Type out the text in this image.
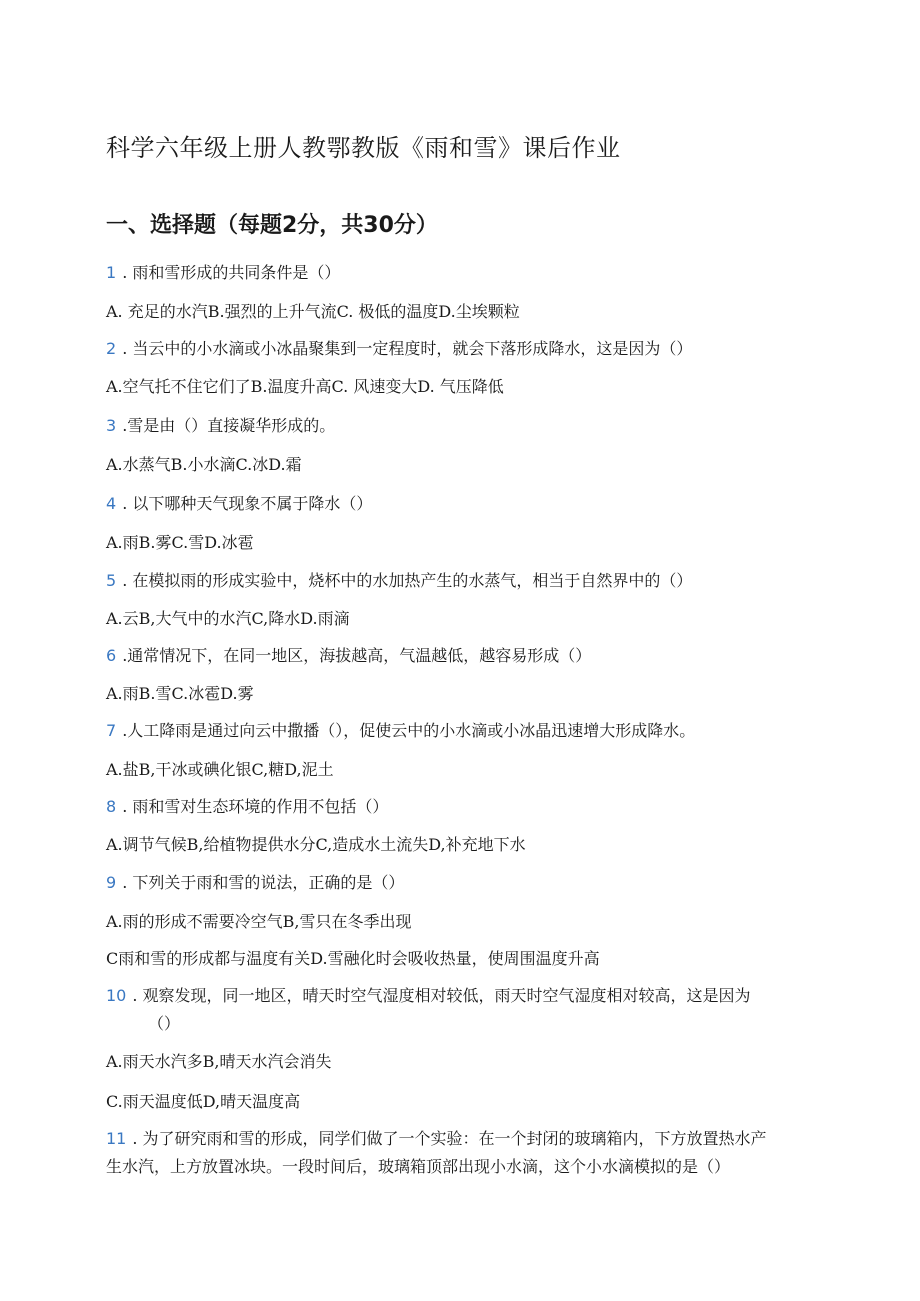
科学六年级上册人教鄂教版《雨和雪》课后作业
一、选择题（每题2分，共30分）
1 . 雨和雪形成的共同条件是（）
A. 充足的水汽B.强烈的上升气流C. 极低的温度D.尘埃颗粒
2 . 当云中的小水滴或小冰晶聚集到一定程度时，就会下落形成降水，这是因为（）
A.空气托不住它们了B.温度升高C. 风速变大D. 气压降低
3 .雪是由（）直接凝华形成的。
A.水蒸气B.小水滴C.冰D.霜
4 . 以下哪种天气现象不属于降水（）
A.雨B.雾C.雪D.冰雹
5 . 在模拟雨的形成实验中，烧杯中的水加热产生的水蒸气，相当于自然界中的（）
A.云B,大气中的水汽C,降水D.雨滴
6 .通常情况下，在同一地区，海拔越高，气温越低，越容易形成（）
A.雨B.雪C.冰雹D.雾
7 .人工降雨是通过向云中撒播（），促使云中的小水滴或小冰晶迅速增大形成降水。
A.盐B,干冰或碘化银C,糖D,泥土
8 . 雨和雪对生态环境的作用不包括（）
A.调节气候B,给植物提供水分C,造成水土流失D,补充地下水
9 . 下列关于雨和雪的说法，正确的是（）
A.雨的形成不需要冷空气B,雪只在冬季出现
C雨和雪的形成都与温度有关D.雪融化时会吸收热量，使周围温度升高
10 . 观察发现，同一地区，晴天时空气湿度相对较低，雨天时空气湿度相对较高，这是因为
（）
A.雨天水汽多B,晴天水汽会消失
C.雨天温度低D,晴天温度高
11 . 为了研究雨和雪的形成，同学们做了一个实验：在一个封闭的玻璃箱内，下方放置热水产
生水汽，上方放置冰块。一段时间后，玻璃箱顶部出现小水滴，这个小水滴模拟的是（）
